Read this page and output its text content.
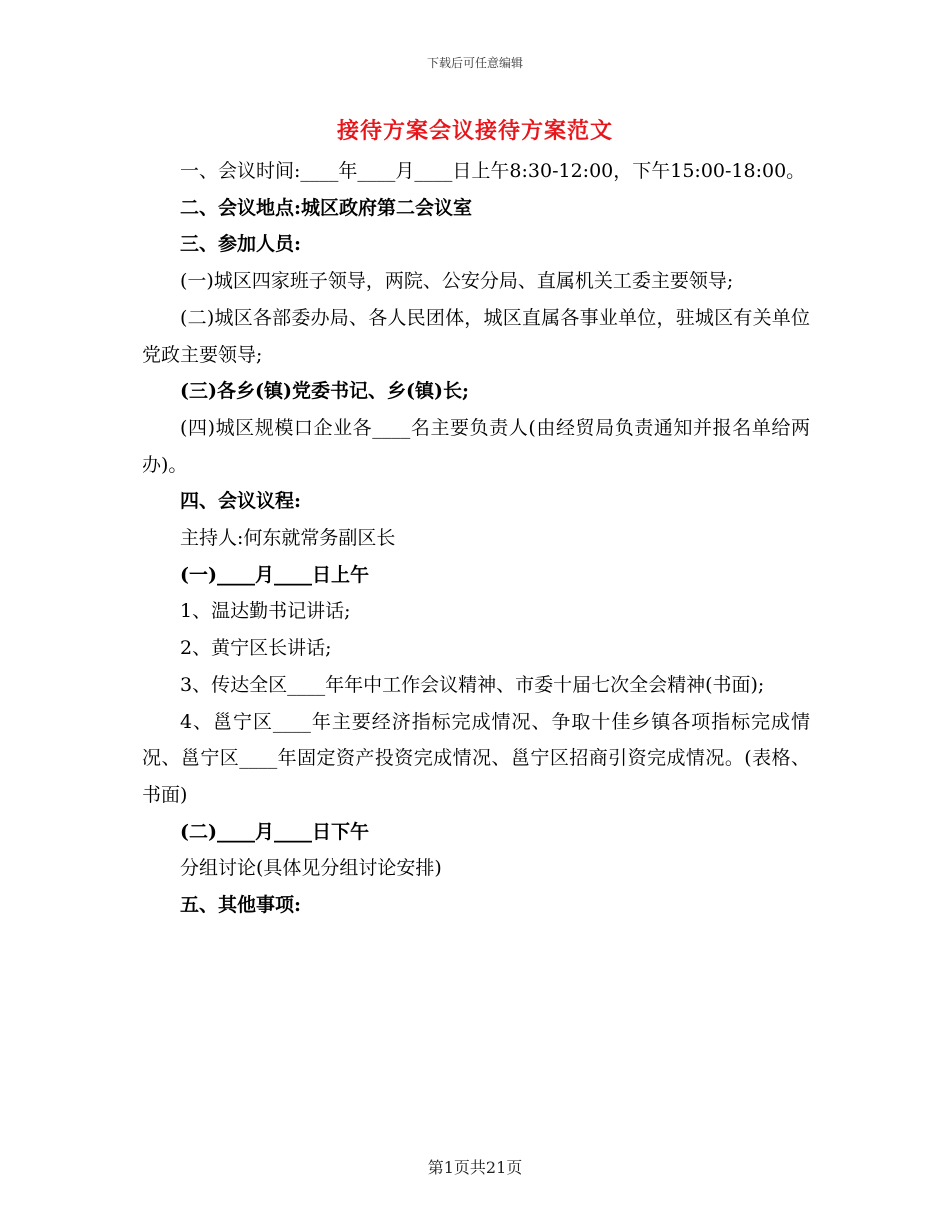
下载后可任意编辑
接待方案会议接待方案范文

一、会议时间:____年____月____日上午8:30-12:00，下午15:00-18:00。

二、会议地点:城区政府第二会议室

三、参加人员:

(一)城区四家班子领导，两院、公安分局、直属机关工委主要领导;

(二)城区各部委办局、各人民团体，城区直属各事业单位，驻城区有关单位党政主要领导;

(三)各乡(镇)党委书记、乡(镇)长;

(四)城区规模口企业各____名主要负责人(由经贸局负责通知并报名单给两办)。

四、会议议程:

主持人:何东就常务副区长

(一)____月____日上午

1、温达勤书记讲话;

2、黄宁区长讲话;

3、传达全区____年年中工作会议精神、市委十届七次全会精神(书面);

4、邕宁区____年主要经济指标完成情况、争取十佳乡镇各项指标完成情况、邕宁区____年固定资产投资完成情况、邕宁区招商引资完成情况。(表格、书面)

(二)____月____日下午

分组讨论(具体见分组讨论安排)

五、其他事项:

第1页共21页
